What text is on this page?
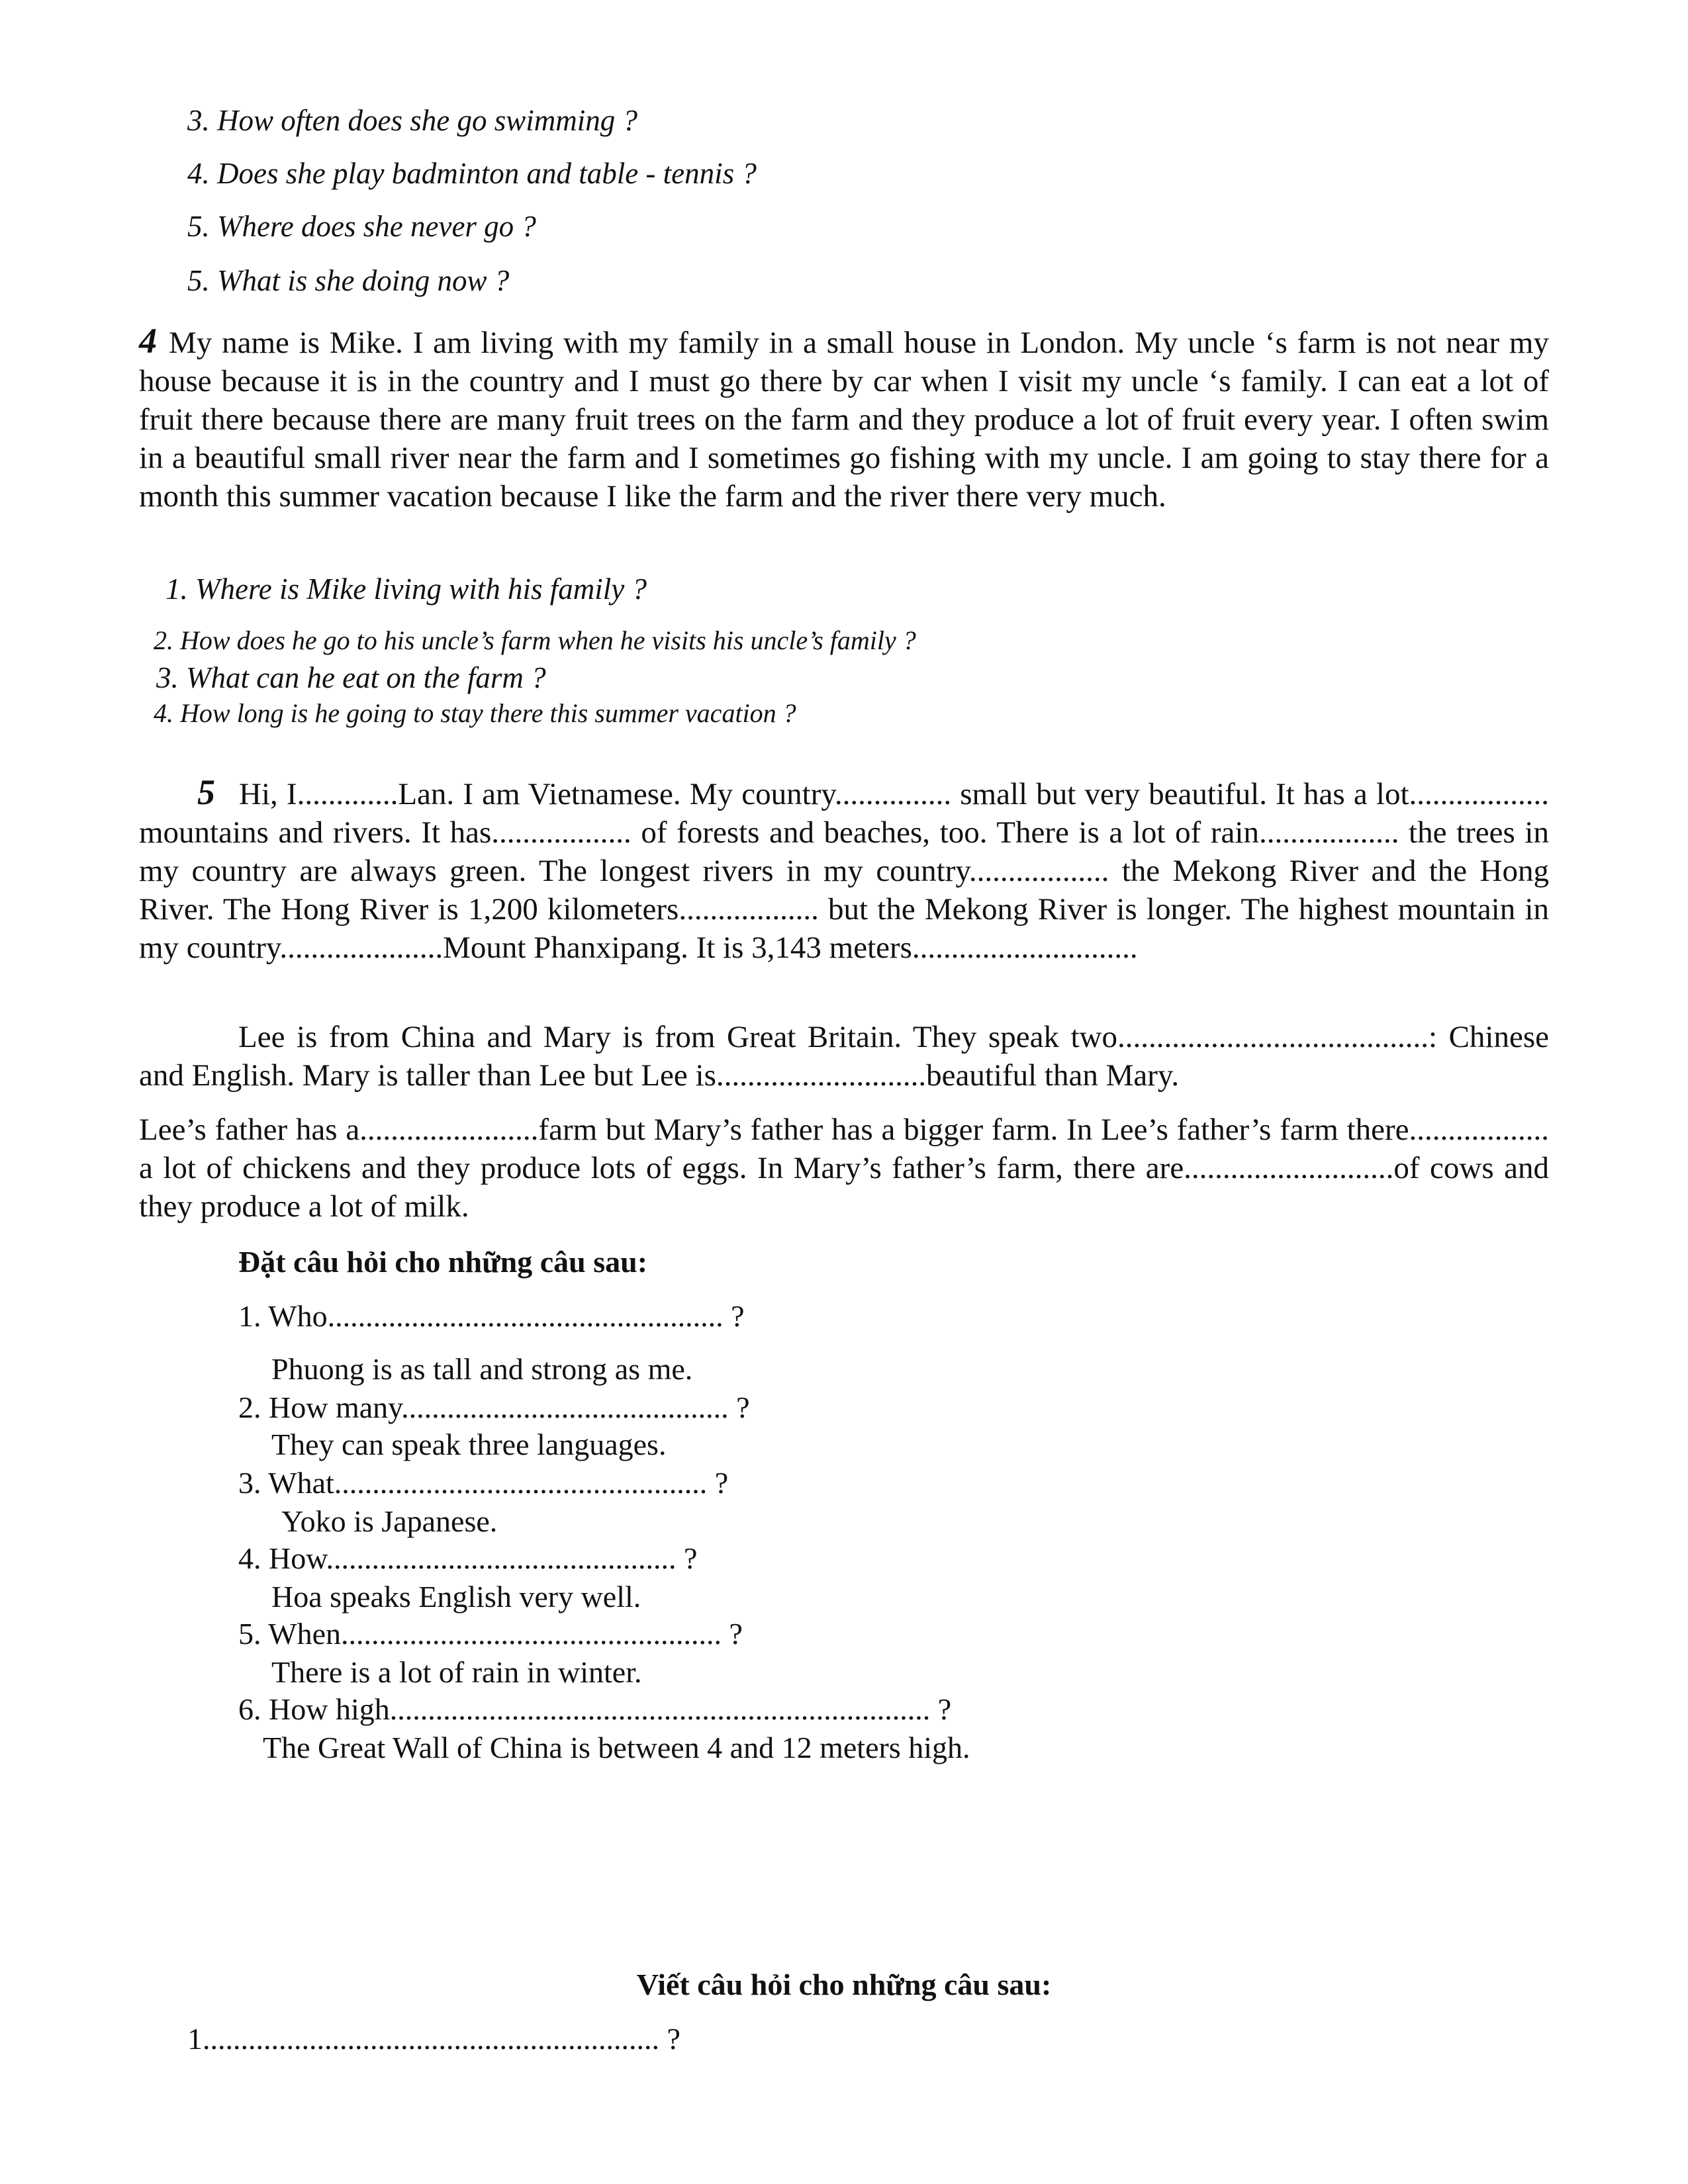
3. How often does she go swimming ?
4. Does she play badminton and table - tennis ?
5. Where does she never go ?
5. What is she doing now ?
4 My name is Mike. I am living with my family in a small house in London. My uncle ‘s farm is not near my house because it is in the country and I must go there by car when I visit my uncle ‘s family. I can eat a lot of fruit there because there are many fruit trees on the farm and they produce a lot of fruit every year. I often swim in a beautiful small river near the farm and I sometimes go fishing with my uncle. I am going to stay there for a month this summer vacation because I like the farm and the river there very much.
1. Where is Mike living with his family ?
2. How does he go to his uncle’s farm when he visits his uncle’s family ?
3. What can he eat on the farm ?
4. How long is he going to stay there this summer vacation ?
5 Hi, I.............Lan. I am Vietnamese. My country............... small but very beautiful. It has a lot.................. mountains and rivers. It has.................. of forests and beaches, too. There is a lot of rain.................. the trees in my country are always green. The longest rivers in my country.................. the Mekong River and the Hong River. The Hong River is 1,200 kilometers.................. but the Mekong River is longer. The highest mountain in my country.....................Mount Phanxipang. It is 3,143 meters.............................
Lee is from China and Mary is from Great Britain. They speak two........................................: Chinese and English. Mary is taller than Lee but Lee is...........................beautiful than Mary.
Lee’s father has a.......................farm but Mary’s father has a bigger farm. In Lee’s father’s farm there.................. a lot of chickens and they produce lots of eggs. In Mary’s father’s farm, there are...........................of cows and they produce a lot of milk.
Đặt câu hỏi cho những câu sau:
1. Who.................................................... ?
Phuong is as tall and strong as me.
2. How many........................................... ?
They can speak three languages.
3. What................................................. ?
Yoko is Japanese.
4. How.............................................. ?
Hoa speaks English very well.
5. When.................................................. ?
There is a lot of rain in winter.
6. How high....................................................................... ?
The Great Wall of China is between 4 and 12 meters high.
Viết câu hỏi cho những câu sau:
1............................................................ ?
